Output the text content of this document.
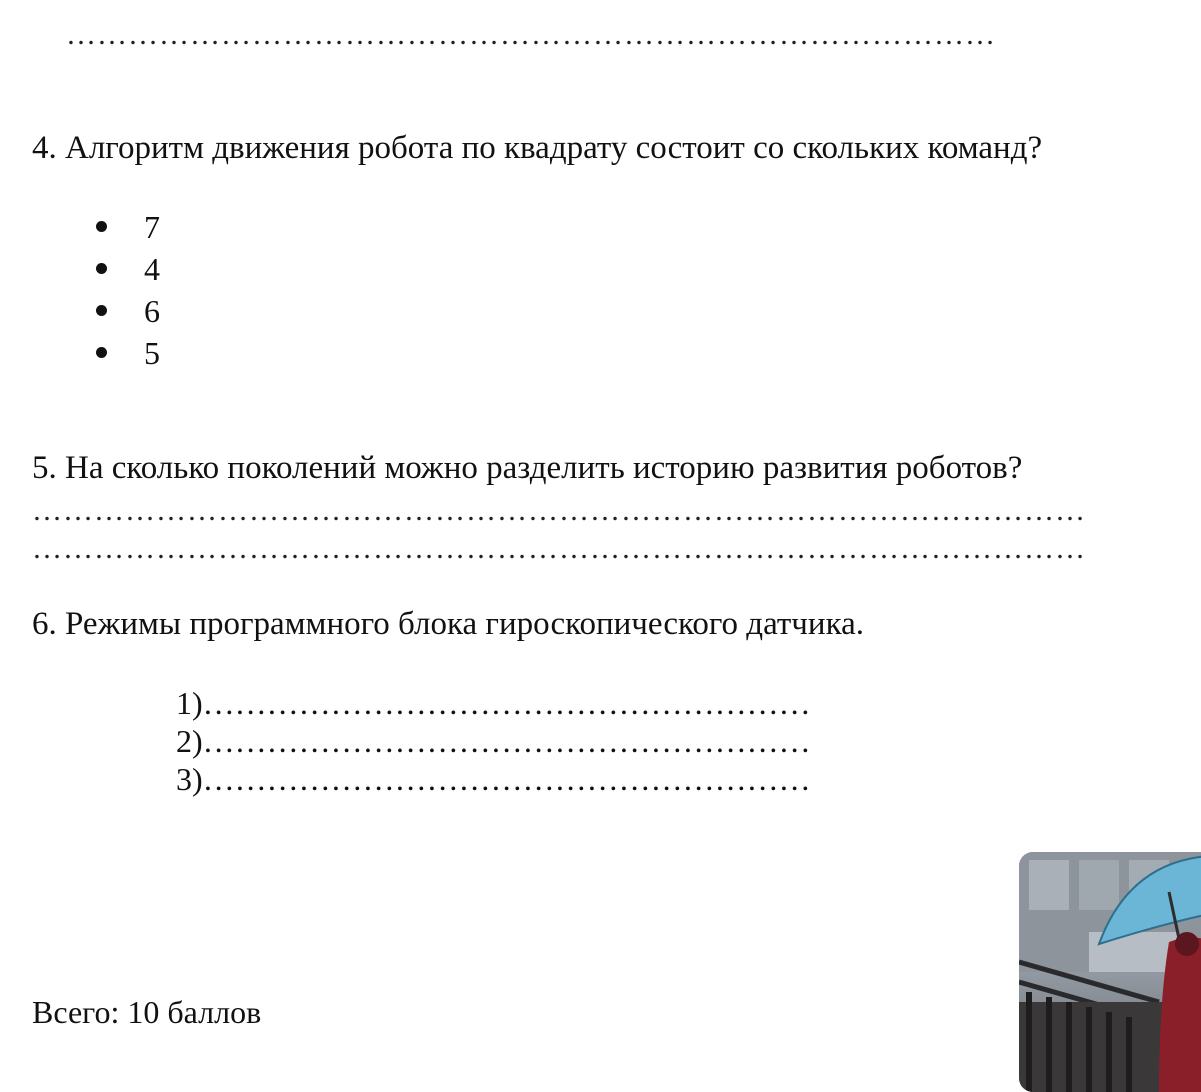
………………………………………………………………………………
4. Алгоритм движения робота по квадрату состоит со скольких команд?
7
4
6
5
5. На сколько поколений можно разделить историю развития роботов?
…………………………………………………………………………………………
…………………………………………………………………………………………
6. Режимы программного блока гироскопического датчика.
1)…………………………………………………
2)…………………………………………………
3)…………………………………………………
Всего: 10 баллов
